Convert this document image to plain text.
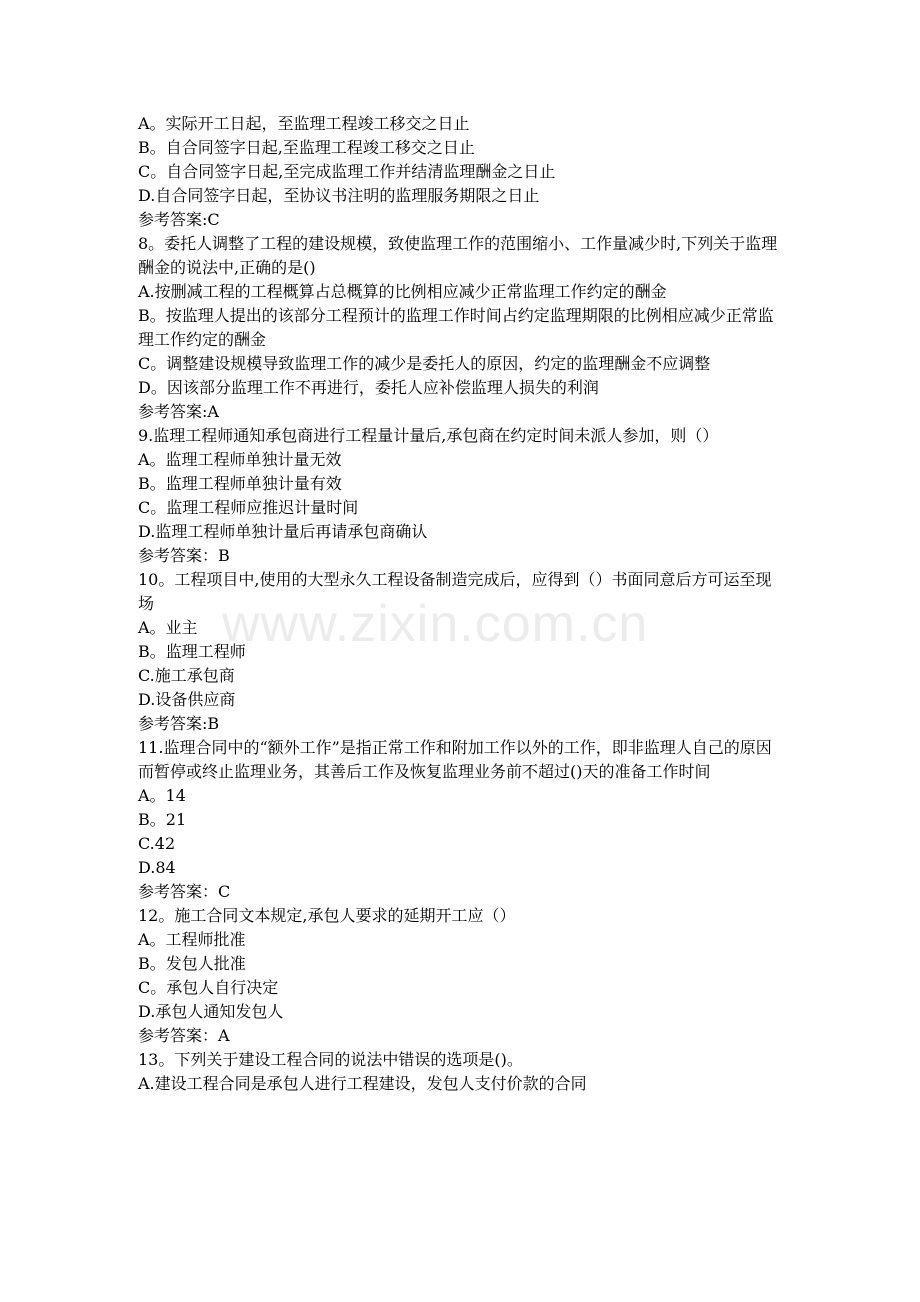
A。实际开工日起，至监理工程竣工移交之日止

B。自合同签字日起,至监理工程竣工移交之日止

C。自合同签字日起,至完成监理工作并结清监理酬金之日止

D.自合同签字日起，至协议书注明的监理服务期限之日止

参考答案:C

8。委托人调整了工程的建设规模，致使监理工作的范围缩小、工作量减少时,下列关于监理酬金的说法中,正确的是()

A.按删减工程的工程概算占总概算的比例相应减少正常监理工作约定的酬金

B。按监理人提出的该部分工程预计的监理工作时间占约定监理期限的比例相应减少正常监理工作约定的酬金

C。调整建设规模导致监理工作的减少是委托人的原因，约定的监理酬金不应调整

D。因该部分监理工作不再进行，委托人应补偿监理人损失的利润

参考答案:A

9.监理工程师通知承包商进行工程量计量后,承包商在约定时间未派人参加，则（）

A。监理工程师单独计量无效

B。监理工程师单独计量有效

C。监理工程师应推迟计量时间

D.监理工程师单独计量后再请承包商确认

参考答案：B

10。工程项目中,使用的大型永久工程设备制造完成后，应得到（）书面同意后方可运至现场

A。业主

B。监理工程师

C.施工承包商

D.设备供应商

参考答案:B

11.监理合同中的“额外工作”是指正常工作和附加工作以外的工作，即非监理人自己的原因而暂停或终止监理业务，其善后工作及恢复监理业务前不超过()天的准备工作时间

A。14

B。21

C.42

D.84

参考答案：C

12。施工合同文本规定,承包人要求的延期开工应（）

A。工程师批准

B。发包人批准

C。承包人自行决定

D.承包人通知发包人

参考答案：A

13。下列关于建设工程合同的说法中错误的选项是()。

A.建设工程合同是承包人进行工程建设，发包人支付价款的合同

www.zixin.com.cn
